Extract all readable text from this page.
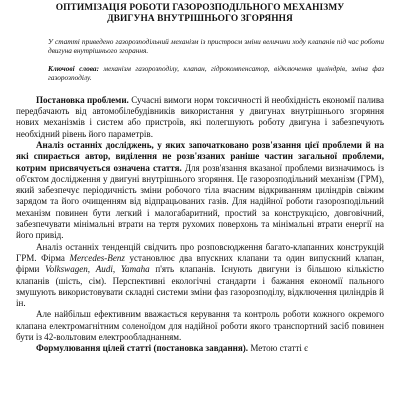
ОПТИМІЗАЦІЯ РОБОТИ ГАЗОРОЗПОДІЛЬНОГО МЕХАНІЗМУ
ДВИГУНА ВНУТРІШНЬОГО ЗГОРЯННЯ

У статті приведено газорозподільний механізм із пристроєм зміни величини ходу клапанів під час роботи двигуна внутрішнього згорання.

Ключові слова: механізм газорозподілу, клапан, гідрокомпенсатор, відключення циліндрів, зміна фаз газорозподілу.

Постановка проблеми. Сучасні вимоги норм токсичності й необхідність економії палива передбачають від автомобілебудівників використання у двигунах внутрішнього згоряння нових механізмів і систем або пристроїв, які полегшують роботу двигуна і забезпечують необхідний рівень його параметрів.

Аналіз останніх досліджень, у яких започатковано розв'язання цієї проблеми й на які спирається автор, виділення не розв'язаних раніше частин загальної проблеми, котрим присвячується означена стаття. Для розв'язання вказаної проблеми визначимось із об'єктом дослідження у двигуні внутрішнього згоряння. Це газорозподільний механізм (ГРМ), який забезпечує періодичність зміни робочого тіла вчасним відкриванням циліндрів свіжим зарядом та його очищенням від відпрацьованих газів. Для надійної роботи газорозподільний механізм повинен бути легкий і малогабаритний, простий за конструкцією, довговічний, забезпечувати мінімальні втрати на тертя рухомих поверхонь та мінімальні втрати енергії на його привід.

Аналіз останніх тенденцій свідчить про розповсюдження багато-клапанних конструкцій ГРМ. Фірма Mercedes-Benz установлює два впускних клапани та один випускний клапан, фірми Volkswagen, Audi, Yamaha п'ять клапанів. Існують двигуни із більшою кількістю клапанів (шість, сім). Перспективні екологічні стандарти і бажання економії пального змушують використовувати складні системи зміни фаз газорозподілу, відключення циліндрів й ін.

Але найбільш ефективним вважається керування та контроль роботи кожного окремого клапана електромагнітним соленоїдом для надійної роботи якого транспортний засіб повинен бути із 42-вольтовим електрообладнанням.

Формулювання цілей статті (постановка завдання). Метою статті є
